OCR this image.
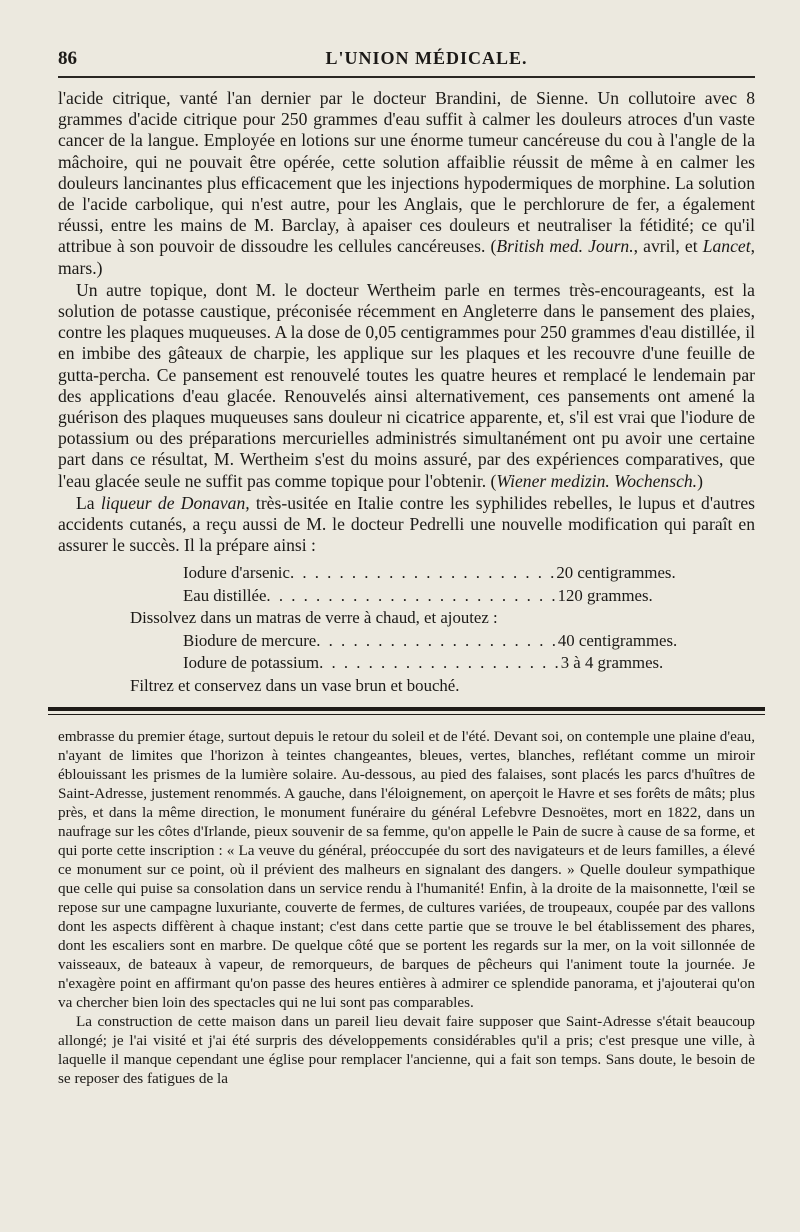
86	L'UNION MÉDICALE.

l'acide citrique, vanté l'an dernier par le docteur Brandini, de Sienne. Un collutoire avec 8 grammes d'acide citrique pour 250 grammes d'eau suffit à calmer les douleurs atroces d'un vaste cancer de la langue. Employée en lotions sur une énorme tumeur cancéreuse du cou à l'angle de la mâchoire, qui ne pouvait être opérée, cette solution affaiblie réussit de même à en calmer les douleurs lancinantes plus efficacement que les injections hypodermiques de morphine. La solution de l'acide carbolique, qui n'est autre, pour les Anglais, que le perchlorure de fer, a également réussi, entre les mains de M. Barclay, à apaiser ces douleurs et neutraliser la fétidité; ce qu'il attribue à son pouvoir de dissoudre les cellules cancéreuses. (British med. Journ., avril, et Lancet, mars.)

Un autre topique, dont M. le docteur Wertheim parle en termes très-encourageants, est la solution de potasse caustique, préconisée récemment en Angleterre dans le pansement des plaies, contre les plaques muqueuses. A la dose de 0,05 centigrammes pour 250 grammes d'eau distillée, il en imbibe des gâteaux de charpie, les applique sur les plaques et les recouvre d'une feuille de gutta-percha. Ce pansement est renouvelé toutes les quatre heures et remplacé le lendemain par des applications d'eau glacée. Renouvelés ainsi alternativement, ces pansements ont amené la guérison des plaques muqueuses sans douleur ni cicatrice apparente, et, s'il est vrai que l'iodure de potassium ou des préparations mercurielles administrés simultanément ont pu avoir une certaine part dans ce résultat, M. Wertheim s'est du moins assuré, par des expériences comparatives, que l'eau glacée seule ne suffit pas comme topique pour l'obtenir. (Wiener medizin. Wochensch.)

La liqueur de Donavan, très-usitée en Italie contre les syphilides rebelles, le lupus et d'autres accidents cutanés, a reçu aussi de M. le docteur Pedrelli une nouvelle modification qui paraît en assurer le succès. Il la prépare ainsi :

Iodure d'arsenic . . . . . . . . . . . . . . . . . . . . . . 20 centigrammes.
Eau distillée . . . . . . . . . . . . . . . . . . . . . . . . 120 grammes.
Dissolvez dans un matras de verre à chaud, et ajoutez :
Biodure de mercure . . . . . . . . . . . . . . . . . . . . 40 centigrammes.
Iodure de potassium . . . . . . . . . . . . . . . . . . . . 3 à 4 grammes.
Filtrez et conservez dans un vase brun et bouché.

embrasse du premier étage, surtout depuis le retour du soleil et de l'été. Devant soi, on contemple une plaine d'eau, n'ayant de limites que l'horizon à teintes changeantes, bleues, vertes, blanches, reflétant comme un miroir éblouissant les prismes de la lumière solaire. Au-dessous, au pied des falaises, sont placés les parcs d'huîtres de Saint-Adresse, justement renommés. A gauche, dans l'éloignement, on aperçoit le Havre et ses forêts de mâts; plus près, et dans la même direction, le monument funéraire du général Lefebvre Desnoëtes, mort en 1822, dans un naufrage sur les côtes d'Irlande, pieux souvenir de sa femme, qu'on appelle le Pain de sucre à cause de sa forme, et qui porte cette inscription : « La veuve du général, préoccupée du sort des navigateurs et de leurs familles, a élevé ce monument sur ce point, où il prévient des malheurs en signalant des dangers. » Quelle douleur sympathique que celle qui puise sa consolation dans un service rendu à l'humanité! Enfin, à la droite de la maisonnette, l'œil se repose sur une campagne luxuriante, couverte de fermes, de cultures variées, de troupeaux, coupée par des vallons dont les aspects diffèrent à chaque instant; c'est dans cette partie que se trouve le bel établissement des phares, dont les escaliers sont en marbre. De quelque côté que se portent les regards sur la mer, on la voit sillonnée de vaisseaux, de bateaux à vapeur, de remorqueurs, de barques de pêcheurs qui l'animent toute la journée. Je n'exagère point en affirmant qu'on passe des heures entières à admirer ce splendide panorama, et j'ajouterai qu'on va chercher bien loin des spectacles qui ne lui sont pas comparables.

La construction de cette maison dans un pareil lieu devait faire supposer que Saint-Adresse s'était beaucoup allongé; je l'ai visité et j'ai été surpris des développements considérables qu'il a pris; c'est presque une ville, à laquelle il manque cependant une église pour remplacer l'ancienne, qui a fait son temps. Sans doute, le besoin de se reposer des fatigues de la
